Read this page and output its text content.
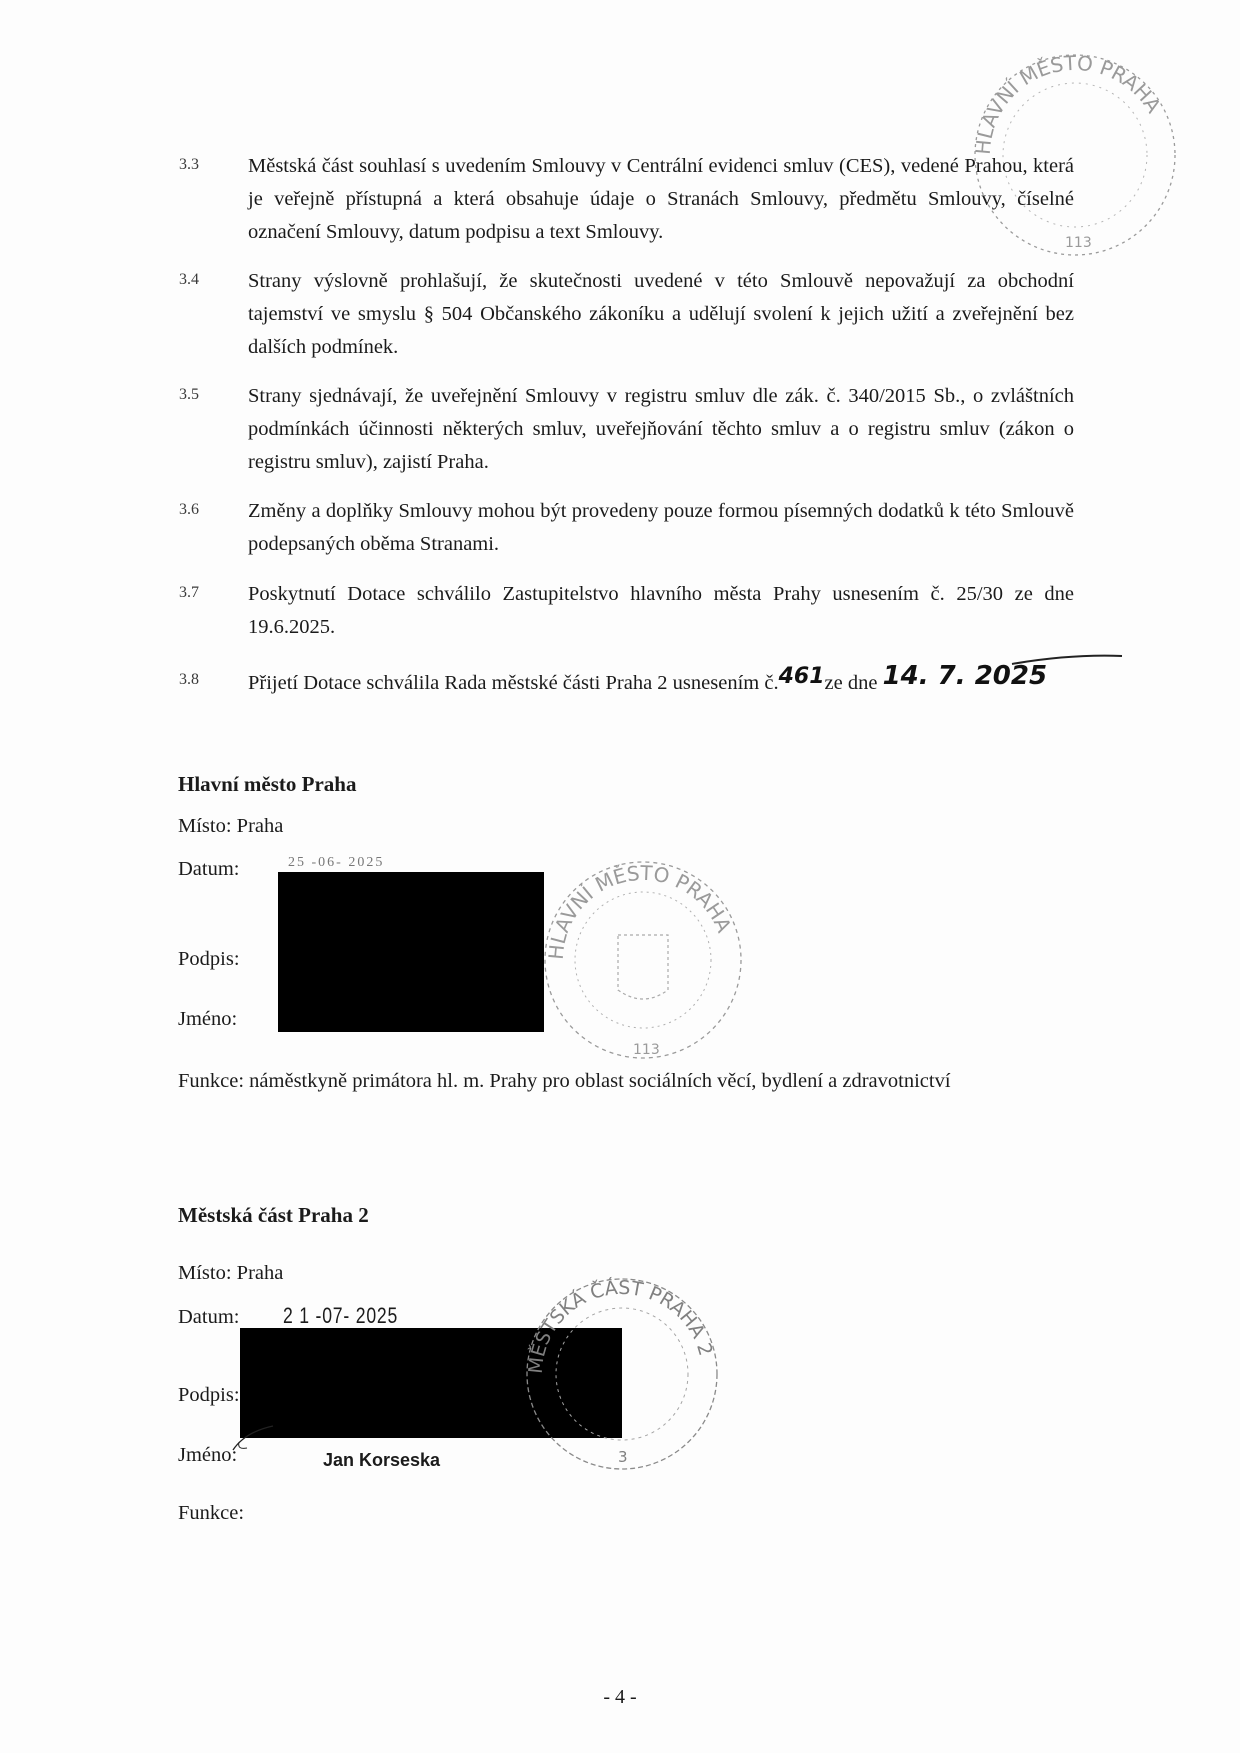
HLAVNÍ MĚSTO PRAHA
113
3.3 Městská část souhlasí s uvedením Smlouvy v Centrální evidenci smluv (CES), vedené Prahou, která je veřejně přístupná a která obsahuje údaje o Stranách Smlouvy, předmětu Smlouvy, číselné označení Smlouvy, datum podpisu a text Smlouvy.
3.4 Strany výslovně prohlašují, že skutečnosti uvedené v této Smlouvě nepovažují za obchodní tajemství ve smyslu § 504 Občanského zákoníku a udělují svolení k jejich užití a zveřejnění bez dalších podmínek.
3.5 Strany sjednávají, že uveřejnění Smlouvy v registru smluv dle zák. č. 340/2015 Sb., o zvláštních podmínkách účinnosti některých smluv, uveřejňování těchto smluv a o registru smluv (zákon o registru smluv), zajistí Praha.
3.6 Změny a doplňky Smlouvy mohou být provedeny pouze formou písemných dodatků k této Smlouvě podepsaných oběma Stranami.
3.7 Poskytnutí Dotace schválilo Zastupitelstvo hlavního města Prahy usnesením č. 25/30 ze dne 19.6.2025.
3.8 Přijetí Dotace schválila Rada městské části Praha 2 usnesením č.461ze dne 14. 7. 2025
Hlavní město Praha
Místo: Praha
Datum:	25 -06- 2025
Podpis:
Jméno:
HLAVNÍ MĚSTO PRAHA
113
Funkce: náměstkyně primátora hl. m. Prahy pro oblast sociálních věcí, bydlení a zdravotnictví
Městská část Praha 2
Místo: Praha
Datum: 2 1 -07- 2025
Podpis:
Jméno:	Jan Korseska
Funkce:
MĚSTSKÁ ČÁST PRAHA 2
3
- 4 -
